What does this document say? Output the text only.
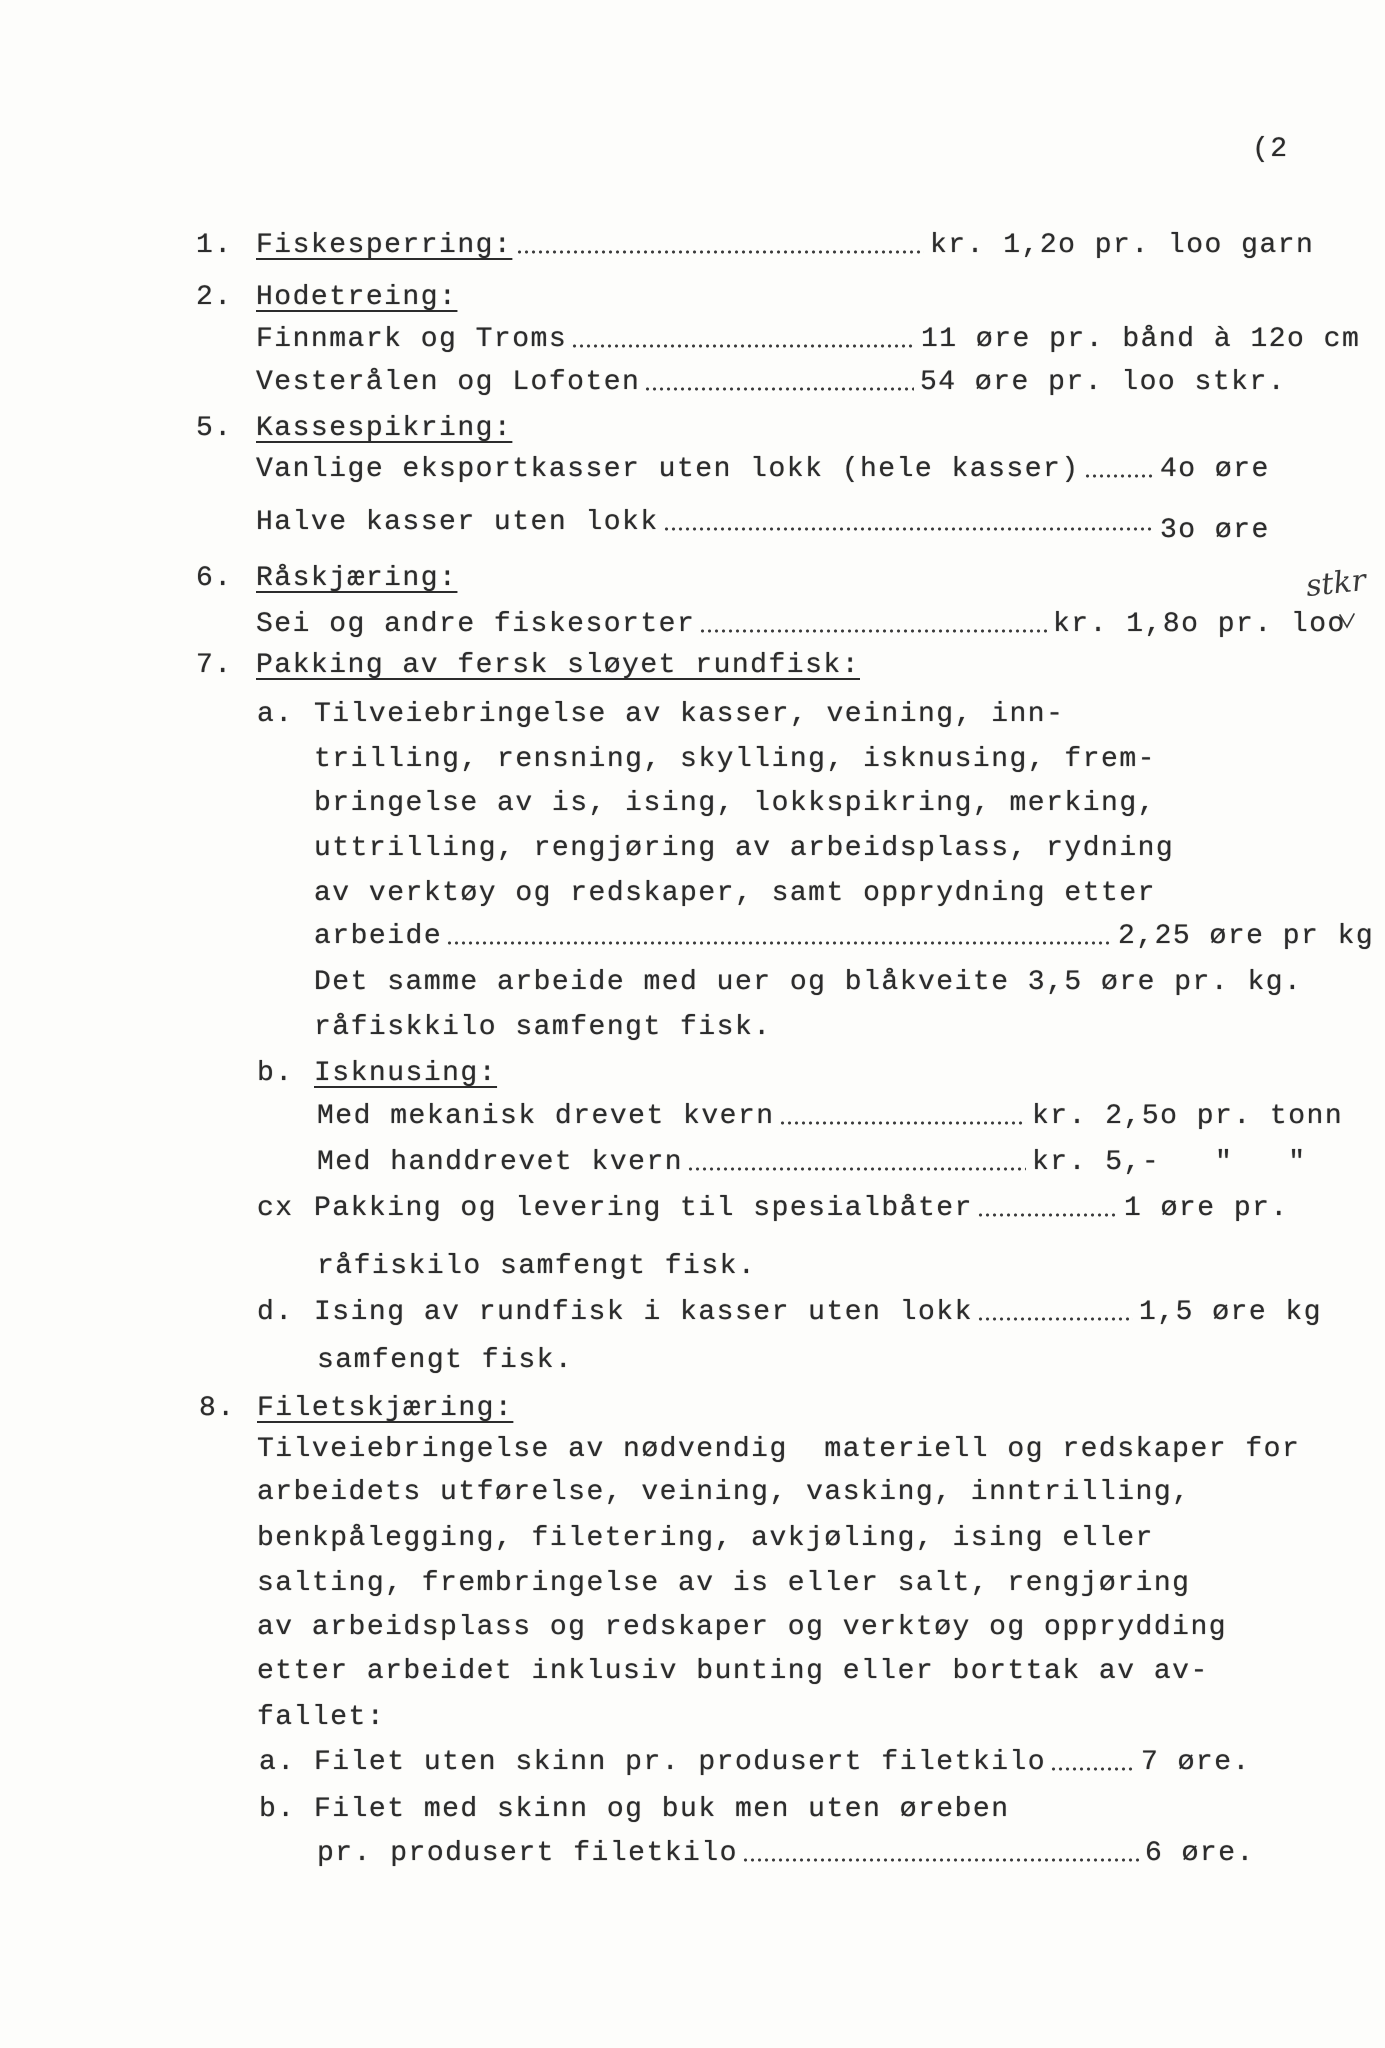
(2
1. Fiskesperring:	kr. 1,2o pr. loo garn
2. Hodetreing:
Finnmark og Troms	11 øre pr. bånd à 12o cm
Vesterålen og Lofoten	54 øre pr. loo stkr.
5. Kassespikring:
Vanlige eksportkasser uten lokk (hele kasser)	4o øre
Halve kasser uten lokk	3o øre
6. Råskjæring:
Sei og andre fiskesorter	kr. 1,8o pr. loo
stkr
7. Pakking av fersk sløyet rundfisk:
a. Tilveiebringelse av kasser, veining, inn-
trilling, rensning, skylling, isknusing, frem-
bringelse av is, ising, lokkspikring, merking,
uttrilling, rengjøring av arbeidsplass, rydning
av verktøy og redskaper, samt opprydning etter
arbeide	2,25 øre pr kg
Det samme arbeide med uer og blåkveite 3,5 øre pr. kg.
råfiskkilo samfengt fisk.
b. Isknusing:
Med mekanisk drevet kvern	kr. 2,5o pr. tonn
Med handdrevet kvern	kr. 5,-   "   "
cx Pakking og levering til spesialbåter	1 øre pr.
råfiskilo samfengt fisk.
d. Ising av rundfisk i kasser uten lokk	1,5 øre kg
samfengt fisk.
8. Filetskjæring:
Tilveiebringelse av nødvendig  materiell og redskaper for
arbeidets utførelse, veining, vasking, inntrilling,
benkpålegging, filetering, avkjøling, ising eller
salting, frembringelse av is eller salt, rengjøring
av arbeidsplass og redskaper og verktøy og opprydding
etter arbeidet inklusiv bunting eller borttak av av-
fallet:
a. Filet uten skinn pr. produsert filetkilo	7 øre.
b. Filet med skinn og buk men uten øreben
pr. produsert filetkilo	6 øre.
